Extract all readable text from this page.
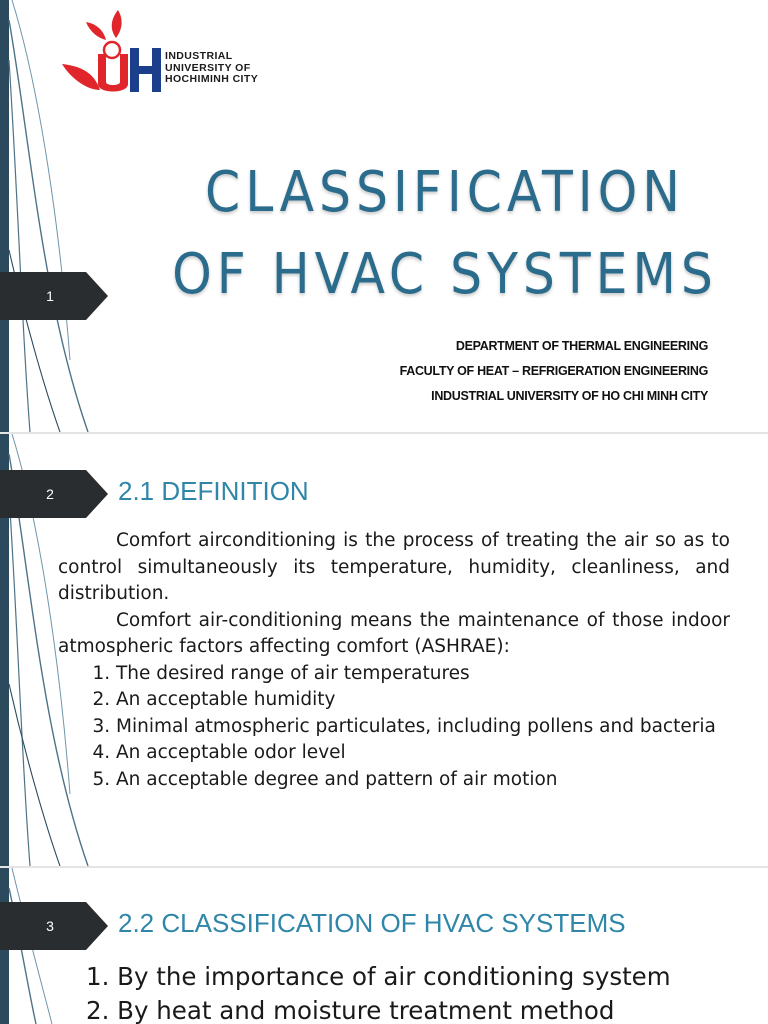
INDUSTRIAL
UNIVERSITY OF
HOCHIMINH CITY
CLASSIFICATION
OF HVAC SYSTEMS
DEPARTMENT OF THERMAL ENGINEERING
FACULTY OF HEAT – REFRIGERATION ENGINEERING
INDUSTRIAL UNIVERSITY OF HO CHI MINH CITY
1
2	2.1 DEFINITION

Comfort airconditioning is the process of treating the air so as to control simultaneously its temperature, humidity, cleanliness, and distribution.

Comfort air-conditioning means the maintenance of those indoor atmospheric factors affecting comfort (ASHRAE):

1. The desired range of air temperatures
2. An acceptable humidity
3. Minimal atmospheric particulates, including pollens and bacteria
4. An acceptable odor level
5. An acceptable degree and pattern of air motion
3	2.2 CLASSIFICATION OF HVAC SYSTEMS
1. By the importance of air conditioning system
2. By heat and moisture treatment method
